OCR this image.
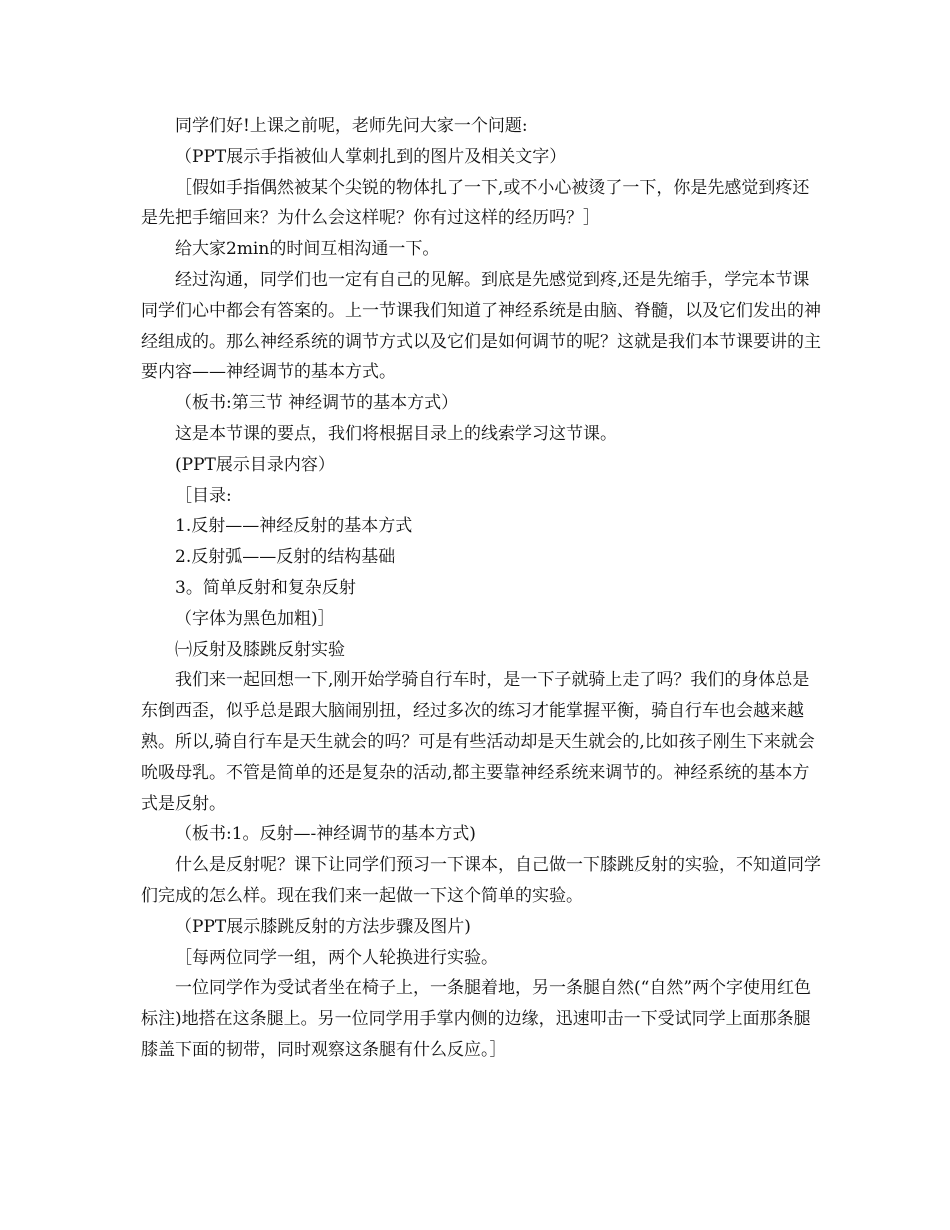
同学们好!上课之前呢，老师先问大家一个问题:

（PPT展示手指被仙人掌刺扎到的图片及相关文字）

［假如手指偶然被某个尖锐的物体扎了一下,或不小心被烫了一下，你是先感觉到疼还是先把手缩回来？为什么会这样呢？你有过这样的经历吗？］

给大家2min的时间互相沟通一下。

经过沟通，同学们也一定有自己的见解。到底是先感觉到疼,还是先缩手，学完本节课同学们心中都会有答案的。上一节课我们知道了神经系统是由脑、脊髓，以及它们发出的神经组成的。那么神经系统的调节方式以及它们是如何调节的呢？这就是我们本节课要讲的主要内容——神经调节的基本方式。

（板书:第三节 神经调节的基本方式）

这是本节课的要点，我们将根据目录上的线索学习这节课。

(PPT展示目录内容）

［目录:

1.反射——神经反射的基本方式

2.反射弧——反射的结构基础

3。简单反射和复杂反射

（字体为黑色加粗)］

㈠反射及膝跳反射实验

我们来一起回想一下,刚开始学骑自行车时，是一下子就骑上走了吗？我们的身体总是东倒西歪，似乎总是跟大脑闹别扭，经过多次的练习才能掌握平衡，骑自行车也会越来越熟。所以,骑自行车是天生就会的吗？可是有些活动却是天生就会的,比如孩子刚生下来就会吮吸母乳。不管是简单的还是复杂的活动,都主要靠神经系统来调节的。神经系统的基本方式是反射。

（板书:1。反射—-神经调节的基本方式)

什么是反射呢？课下让同学们预习一下课本，自己做一下膝跳反射的实验，不知道同学们完成的怎么样。现在我们来一起做一下这个简单的实验。

（PPT展示膝跳反射的方法步骤及图片)

［每两位同学一组，两个人轮换进行实验。

一位同学作为受试者坐在椅子上，一条腿着地，另一条腿自然(“自然”两个字使用红色标注)地搭在这条腿上。另一位同学用手掌内侧的边缘，迅速叩击一下受试同学上面那条腿膝盖下面的韧带，同时观察这条腿有什么反应。］
